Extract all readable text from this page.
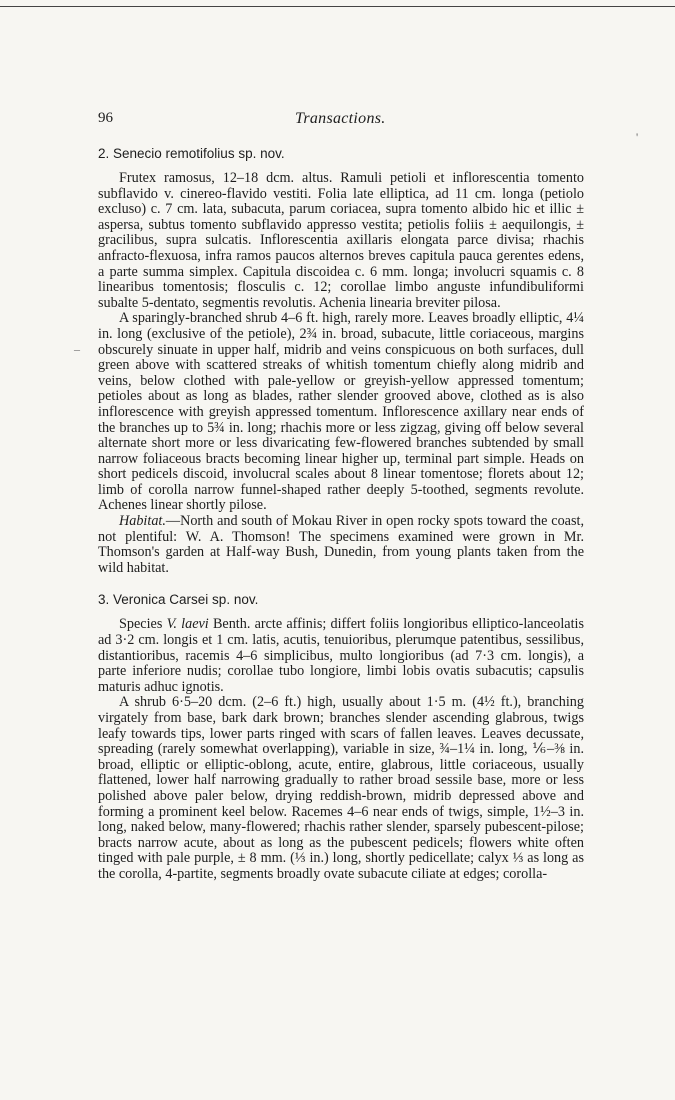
96	Transactions.
2. Senecio remotifolius sp. nov.

Frutex ramosus, 12–18 dcm. altus. Ramuli petioli et inflorescentia tomento subflavido v. cinereo-flavido vestiti. Folia late elliptica, ad 11 cm. longa (petiolo excluso) c. 7 cm. lata, subacuta, parum coriacea, supra tomento albido hic et illic ± aspersa, subtus tomento subflavido appresso vestita; petiolis foliis ± aequilongis, ± gracilibus, supra sulcatis. Inflorescentia axillaris elongata parce divisa; rhachis anfracto-flexuosa, infra ramos paucos alternos breves capitula pauca gerentes edens, a parte summa simplex. Capitula discoidea c. 6 mm. longa; involucri squamis c. 8 linearibus tomentosis; flosculis c. 12; corollae limbo anguste infundibuliformi subalte 5-dentato, segmentis revolutis. Achenia linearia breviter pilosa.

A sparingly-branched shrub 4–6 ft. high, rarely more. Leaves broadly elliptic, 4¼ in. long (exclusive of the petiole), 2¾ in. broad, subacute, little coriaceous, margins obscurely sinuate in upper half, midrib and veins conspicuous on both surfaces, dull green above with scattered streaks of whitish tomentum chiefly along midrib and veins, below clothed with pale-yellow or greyish-yellow appressed tomentum; petioles about as long as blades, rather slender grooved above, clothed as is also inflorescence with greyish appressed tomentum. Inflorescence axillary near ends of the branches up to 5¾ in. long; rhachis more or less zigzag, giving off below several alternate short more or less divaricating few-flowered branches subtended by small narrow foliaceous bracts becoming linear higher up, terminal part simple. Heads on short pedicels discoid, involucral scales about 8 linear tomentose; florets about 12; limb of corolla narrow funnel-shaped rather deeply 5-toothed, segments revolute. Achenes linear shortly pilose.

Habitat.—North and south of Mokau River in open rocky spots toward the coast, not plentiful: W. A. Thomson! The specimens examined were grown in Mr. Thomson's garden at Half-way Bush, Dunedin, from young plants taken from the wild habitat.

3. Veronica Carsei sp. nov.

Species V. laevi Benth. arcte affinis; differt foliis longioribus elliptico-lanceolatis ad 3·2 cm. longis et 1 cm. latis, acutis, tenuioribus, plerumque patentibus, sessilibus, distantioribus, racemis 4–6 simplicibus, multo longioribus (ad 7·3 cm. longis), a parte inferiore nudis; corollae tubo longiore, limbi lobis ovatis subacutis; capsulis maturis adhuc ignotis.

A shrub 6·5–20 dcm. (2–6 ft.) high, usually about 1·5 m. (4½ ft.), branching virgately from base, bark dark brown; branches slender ascending glabrous, twigs leafy towards tips, lower parts ringed with scars of fallen leaves. Leaves decussate, spreading (rarely somewhat overlapping), variable in size, ¾–1¼ in. long, ⅙–⅜ in. broad, elliptic or elliptic-oblong, acute, entire, glabrous, little coriaceous, usually flattened, lower half narrowing gradually to rather broad sessile base, more or less polished above paler below, drying reddish-brown, midrib depressed above and forming a prominent keel below. Racemes 4–6 near ends of twigs, simple, 1½–3 in. long, naked below, many-flowered; rhachis rather slender, sparsely pubescent-pilose; bracts narrow acute, about as long as the pubescent pedicels; flowers white often tinged with pale purple, ± 8 mm. (⅓ in.) long, shortly pedicellate; calyx ⅓ as long as the corolla, 4-partite, segments broadly ovate subacute ciliate at edges; corolla-

'
–
